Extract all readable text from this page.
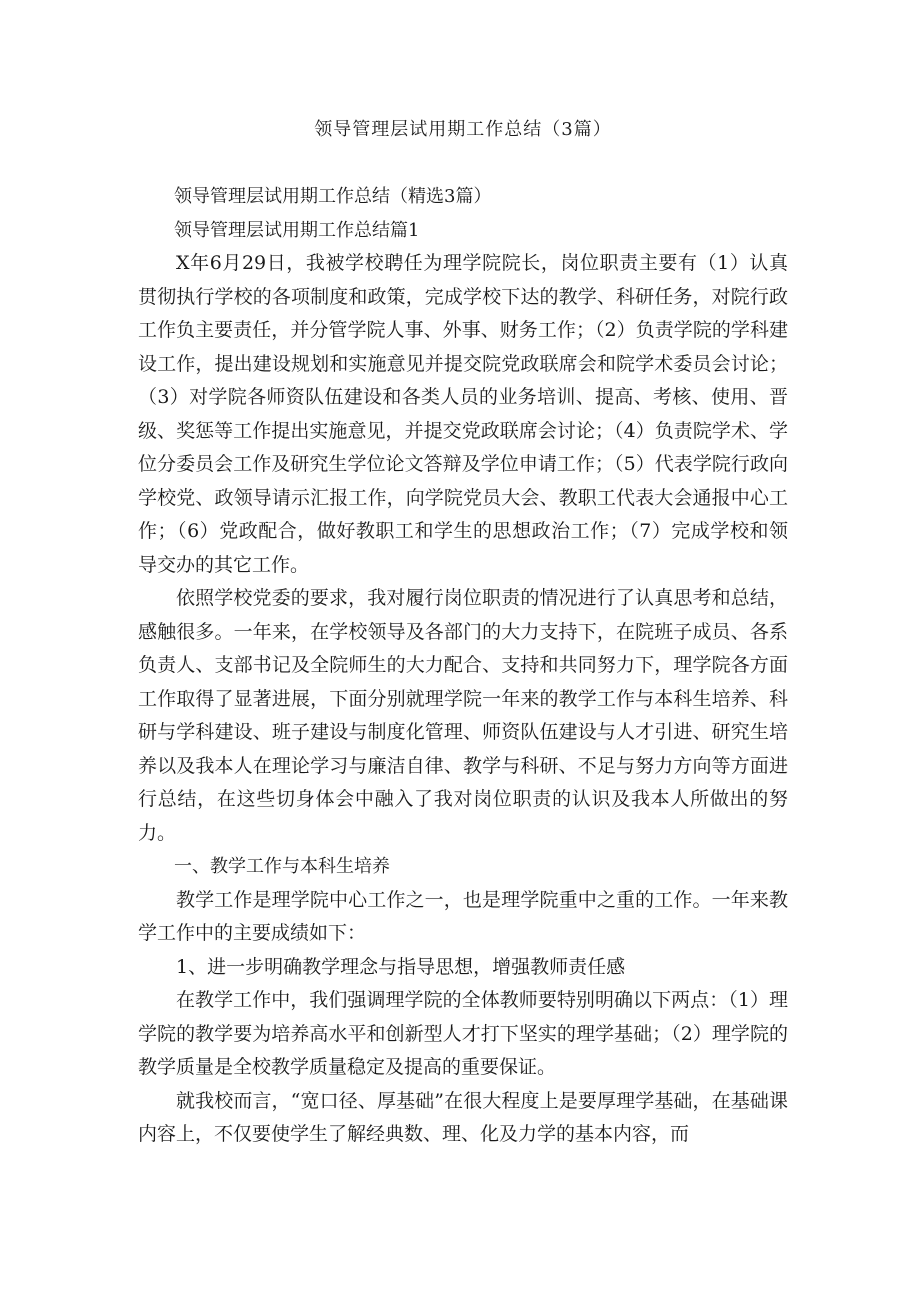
领导管理层试用期工作总结（3篇）

领导管理层试用期工作总结（精选3篇）

领导管理层试用期工作总结篇1

X年6月29日，我被学校聘任为理学院院长，岗位职责主要有（1）认真贯彻执行学校的各项制度和政策，完成学校下达的教学、科研任务，对院行政工作负主要责任，并分管学院人事、外事、财务工作；（2）负责学院的学科建设工作，提出建设规划和实施意见并提交院党政联席会和院学术委员会讨论；（3）对学院各师资队伍建设和各类人员的业务培训、提高、考核、使用、晋级、奖惩等工作提出实施意见，并提交党政联席会讨论；（4）负责院学术、学位分委员会工作及研究生学位论文答辩及学位申请工作；（5）代表学院行政向学校党、政领导请示汇报工作，向学院党员大会、教职工代表大会通报中心工作；（6）党政配合，做好教职工和学生的思想政治工作；（7）完成学校和领导交办的其它工作。

依照学校党委的要求，我对履行岗位职责的情况进行了认真思考和总结，感触很多。一年来，在学校领导及各部门的大力支持下，在院班子成员、各系负责人、支部书记及全院师生的大力配合、支持和共同努力下，理学院各方面工作取得了显著进展，下面分别就理学院一年来的教学工作与本科生培养、科研与学科建设、班子建设与制度化管理、师资队伍建设与人才引进、研究生培养以及我本人在理论学习与廉洁自律、教学与科研、不足与努力方向等方面进行总结，在这些切身体会中融入了我对岗位职责的认识及我本人所做出的努力。

一、教学工作与本科生培养

教学工作是理学院中心工作之一，也是理学院重中之重的工作。一年来教学工作中的主要成绩如下：

1、进一步明确教学理念与指导思想，增强教师责任感

在教学工作中，我们强调理学院的全体教师要特别明确以下两点：（1）理学院的教学要为培养高水平和创新型人才打下坚实的理学基础；（2）理学院的教学质量是全校教学质量稳定及提高的重要保证。

就我校而言，“宽口径、厚基础”在很大程度上是要厚理学基础，在基础课内容上，不仅要使学生了解经典数、理、化及力学的基本内容，而
